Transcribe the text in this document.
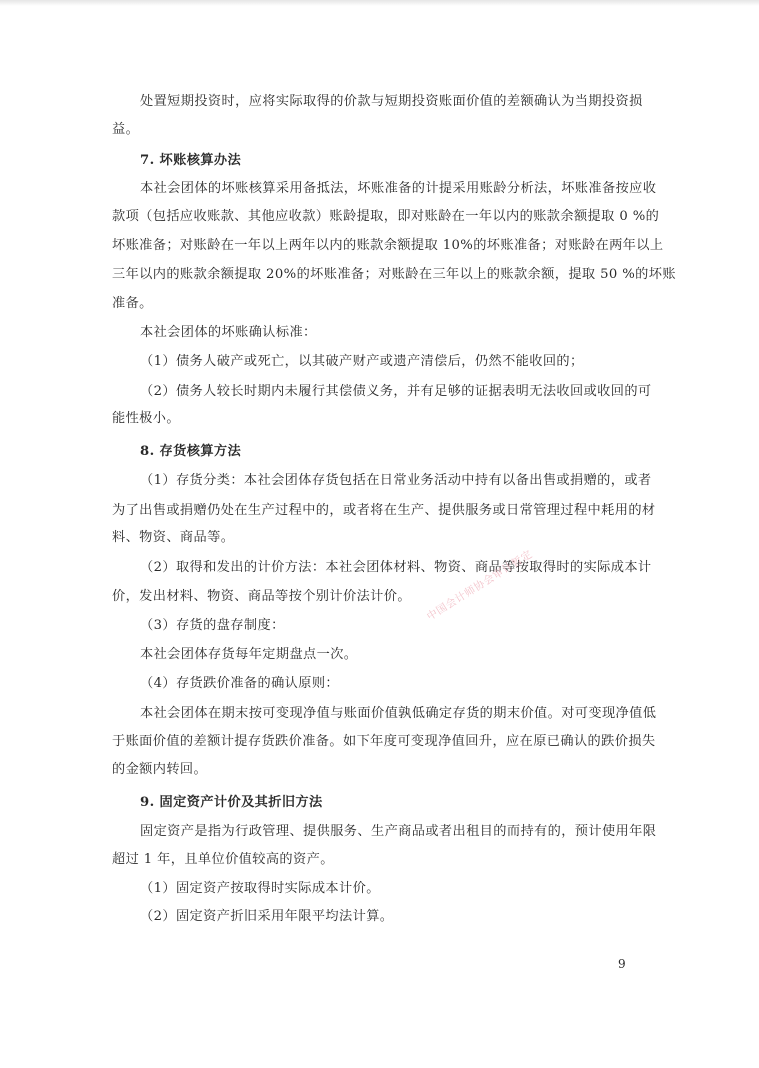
处置短期投资时，应将实际取得的价款与短期投资账面价值的差额确认为当期投资损
益。
7. 坏账核算办法
本社会团体的坏账核算采用备抵法，坏账准备的计提采用账龄分析法，坏账准备按应收
款项（包括应收账款、其他应收款）账龄提取，即对账龄在一年以内的账款余额提取 0 %的
坏账准备；对账龄在一年以上两年以内的账款余额提取 10%的坏账准备；对账龄在两年以上
三年以内的账款余额提取 20%的坏账准备；对账龄在三年以上的账款余额，提取 50 %的坏账
准备。
本社会团体的坏账确认标准：
（1）债务人破产或死亡，以其破产财产或遗产清偿后，仍然不能收回的；
（2）债务人较长时期内未履行其偿债义务，并有足够的证据表明无法收回或收回的可
能性极小。
8. 存货核算方法
（1）存货分类：本社会团体存货包括在日常业务活动中持有以备出售或捐赠的，或者
为了出售或捐赠仍处在生产过程中的，或者将在生产、提供服务或日常管理过程中耗用的材
料、物资、商品等。
（2）取得和发出的计价方法：本社会团体材料、物资、商品等按取得时的实际成本计
价，发出材料、物资、商品等按个别计价法计价。
（3）存货的盘存制度：
本社会团体存货每年定期盘点一次。
（4）存货跌价准备的确认原则：
本社会团体在期末按可变现净值与账面价值孰低确定存货的期末价值。对可变现净值低
于账面价值的差额计提存货跌价准备。如下年度可变现净值回升，应在原已确认的跌价损失
的金额内转回。
9. 固定资产计价及其折旧方法
固定资产是指为行政管理、提供服务、生产商品或者出租目的而持有的，预计使用年限
超过 1 年，且单位价值较高的资产。
（1）固定资产按取得时实际成本计价。
（2）固定资产折旧采用年限平均法计算。
中国会计师协会审计暂定
9
